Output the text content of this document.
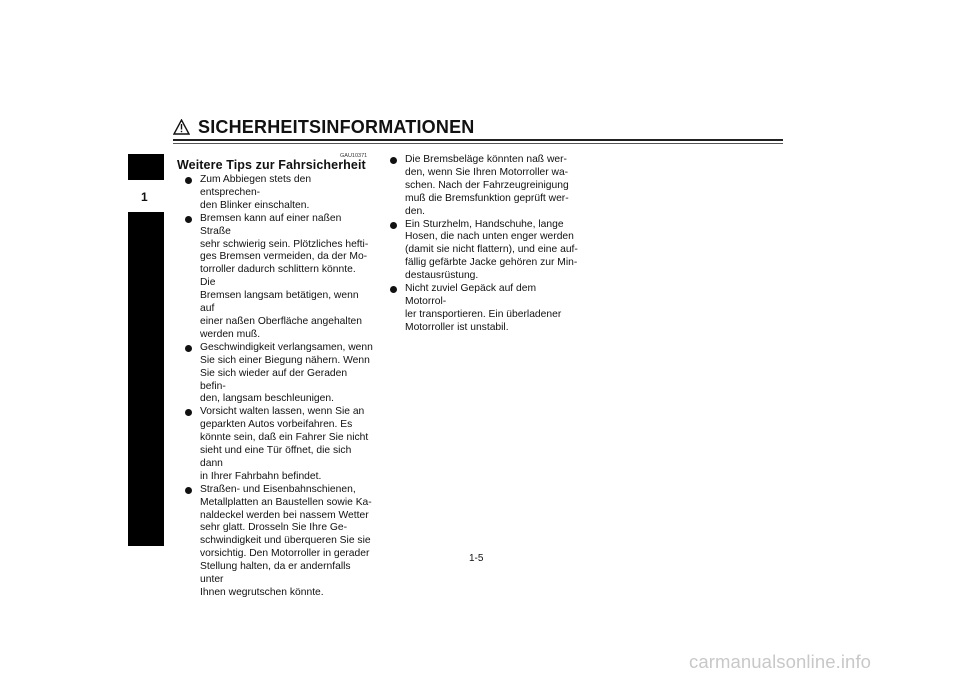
SICHERHEITSINFORMATIONEN
1
GAU10371
Weitere Tips zur Fahrsicherheit
Zum Abbiegen stets den entsprechen-
den Blinker einschalten.
Bremsen kann auf einer naßen Straße
sehr schwierig sein. Plötzliches hefti-
ges Bremsen vermeiden, da der Mo-
torroller dadurch schlittern könnte. Die
Bremsen langsam betätigen, wenn auf
einer naßen Oberfläche angehalten
werden muß.
Geschwindigkeit verlangsamen, wenn
Sie sich einer Biegung nähern. Wenn
Sie sich wieder auf der Geraden befin-
den, langsam beschleunigen.
Vorsicht walten lassen, wenn Sie an
geparkten Autos vorbeifahren. Es
könnte sein, daß ein Fahrer Sie nicht
sieht und eine Tür öffnet, die sich dann
in Ihrer Fahrbahn befindet.
Straßen- und Eisenbahnschienen,
Metallplatten an Baustellen sowie Ka-
naldeckel werden bei nassem Wetter
sehr glatt. Drosseln Sie Ihre Ge-
schwindigkeit und überqueren Sie sie
vorsichtig. Den Motorroller in gerader
Stellung halten, da er andernfalls unter
Ihnen wegrutschen könnte.
Die Bremsbeläge könnten naß wer-
den, wenn Sie Ihren Motorroller wa-
schen. Nach der Fahrzeugreinigung
muß die Bremsfunktion geprüft wer-
den.
Ein Sturzhelm, Handschuhe, lange
Hosen, die nach unten enger werden
(damit sie nicht flattern), und eine auf-
fällig gefärbte Jacke gehören zur Min-
destausrüstung.
Nicht zuviel Gepäck auf dem Motorrol-
ler transportieren. Ein überladener
Motorroller ist unstabil.
1-5
carmanualsonline.info
